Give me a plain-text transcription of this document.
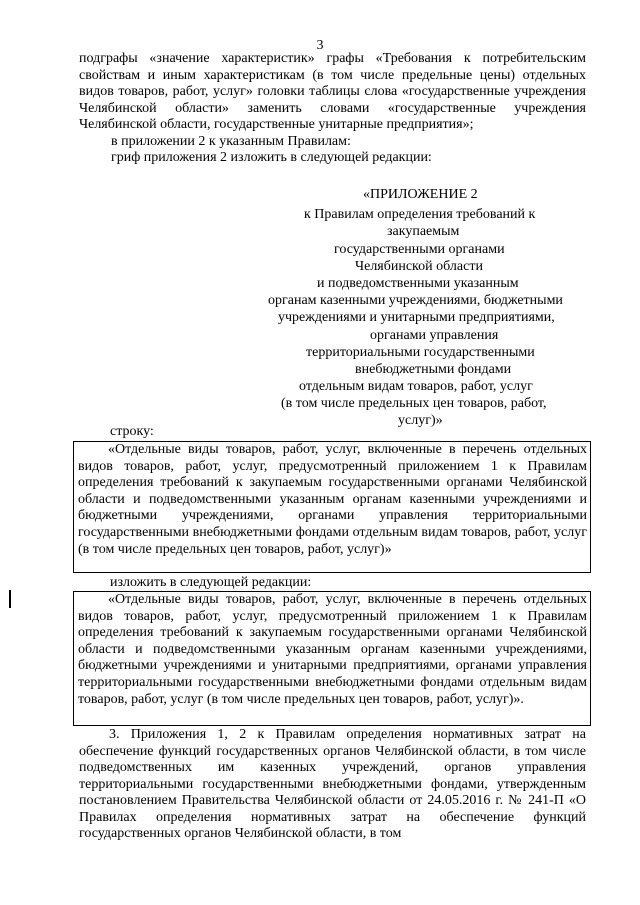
3

подграфы «значение характеристик» графы «Требования к потребительским свойствам и иным характеристикам (в том числе предельные цены) отдельных видов товаров, работ, услуг» головки таблицы слова «государственные учреждения Челябинской области» заменить словами «государственные учреждения Челябинской области, государственные унитарные предприятия»;

в приложении 2 к указанным Правилам:

гриф приложения 2 изложить в следующей редакции:

«ПРИЛОЖЕНИЕ 2
к Правилам определения требований к
закупаемым
государственными органами
Челябинской области
и подведомственными указанным
органам казенными учреждениями, бюджетными
учреждениями и унитарными предприятиями,
органами управления
территориальными государственными
внебюджетными фондами
отдельным видам товаров, работ, услуг
(в том числе предельных цен товаров, работ,
услуг)»
строку:
«Отдельные виды товаров, работ, услуг, включенные в перечень отдельных видов товаров, работ, услуг, предусмотренный приложением 1 к Правилам определения требований к закупаемым государственными органами Челябинской области и подведомственными указанным органам казенными учреждениями и бюджетными учреждениями, органами управления территориальными государственными внебюджетными фондами отдельным видам товаров, работ, услуг (в том числе предельных цен товаров, работ, услуг)»
изложить в следующей редакции:
«Отдельные виды товаров, работ, услуг, включенные в перечень отдельных видов товаров, работ, услуг, предусмотренный приложением 1 к Правилам определения требований к закупаемым государственными органами Челябинской области и подведомственными указанным органам казенными учреждениями, бюджетными учреждениями и унитарными предприятиями, органами управления территориальными государственными внебюджетными фондами отдельным видам товаров, работ, услуг (в том числе предельных цен товаров, работ, услуг)».

3. Приложения 1, 2 к Правилам определения нормативных затрат на обеспечение функций государственных органов Челябинской области, в том числе подведомственных им казенных учреждений, органов управления территориальными государственными внебюджетными фондами, утвержденным постановлением Правительства Челябинской области от 24.05.2016 г. № 241-П «О Правилах определения нормативных затрат на обеспечение функций государственных органов Челябинской области, в том
